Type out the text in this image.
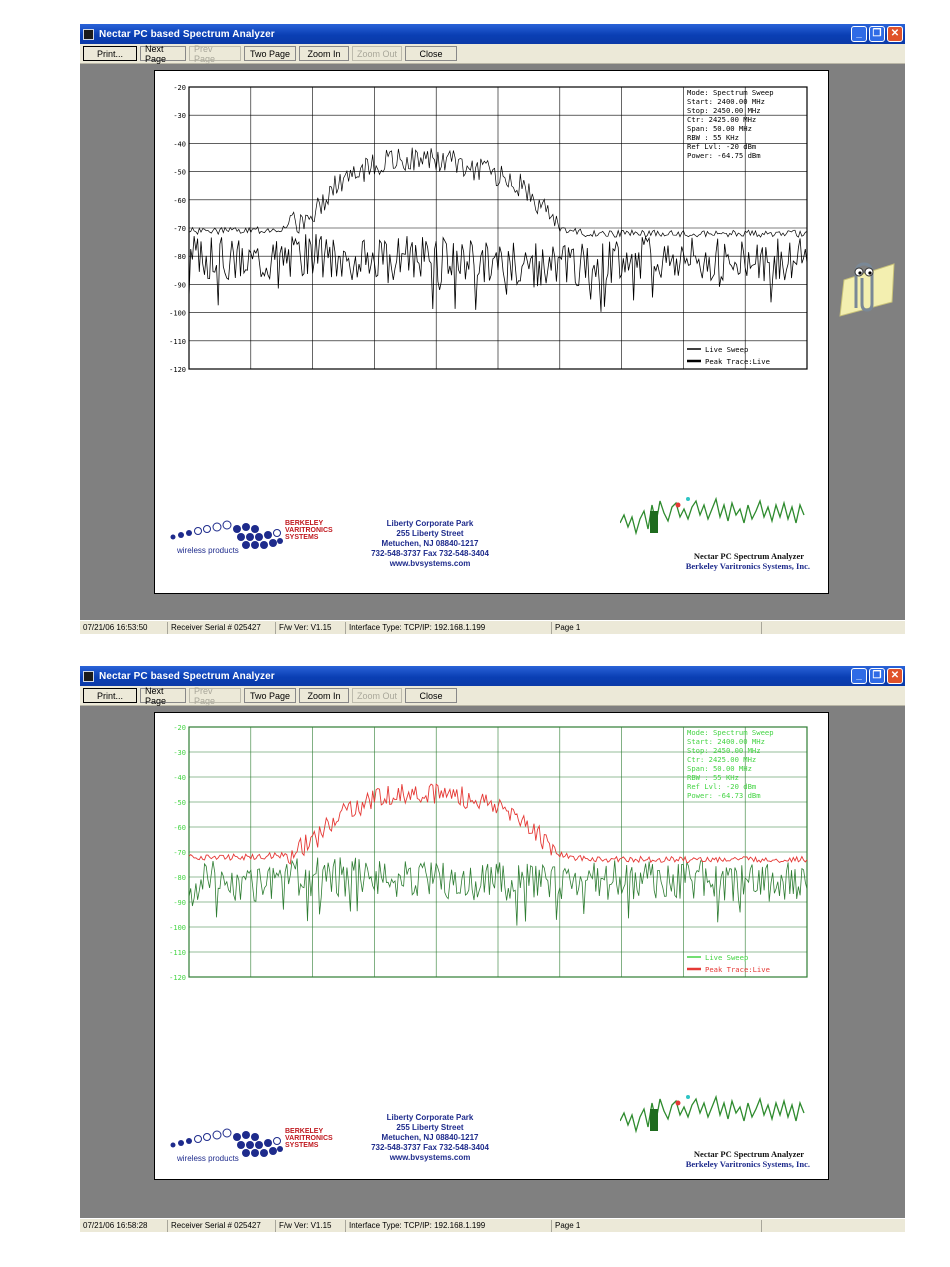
Nectar PC based Spectrum Analyzer	_	❐ ✕
Print...	Next Page
Prev Page	Two Page	Zoom In	Zoom Out	Close
-20
-30
-40
-50
-60
-70
-80
-90
-100
-110
-120
Mode: Spectrum Sweep
Start: 2400.00 MHz
Stop: 2450.00 MHz
Ctr: 2425.00 MHz
Span: 50.00 MHz
RBW : 55 KHz
Ref Lvl: -20 dBm
Power: -64.75 dBm
Live Sweep
Peak Trace:Live
wireless products
BERKELEY
VARITRONICS
SYSTEMS
Liberty Corporate Park
255 Liberty Street
Metuchen, NJ 08840-1217
732-548-3737 Fax 732-548-3404
www.bvsystems.com
Nectar PC Spectrum Analyzer
Berkeley Varitronics Systems, Inc.
07/21/06 16:53:50	Receiver Serial # 025427	F/w Ver: V1.15	Interface Type: TCP/IP: 192.168.1.199	Page 1
Nectar PC based Spectrum Analyzer	_	❐ ✕
Print...	Next Page
Prev Page	Two Page	Zoom In	Zoom Out	Close
-20
-30
-40
-50
-60
-70
-80
-90
-100
-110
-120
Mode: Spectrum Sweep
Start: 2400.00 MHz
Stop: 2450.00 MHz
Ctr: 2425.00 MHz
Span: 50.00 MHz
RBW : 55 KHz
Ref Lvl: -20 dBm
Power: -64.73 dBm
Live Sweep
Peak Trace:Live
wireless products
BERKELEY
VARITRONICS
SYSTEMS
Liberty Corporate Park
255 Liberty Street
Metuchen, NJ 08840-1217
732-548-3737 Fax 732-548-3404
www.bvsystems.com	Nectar PC Spectrum Analyzer
Berkeley Varitronics Systems, Inc.
07/21/06 16:58:28	Receiver Serial # 025427	F/w Ver: V1.15	Interface Type: TCP/IP: 192.168.1.199	Page 1
